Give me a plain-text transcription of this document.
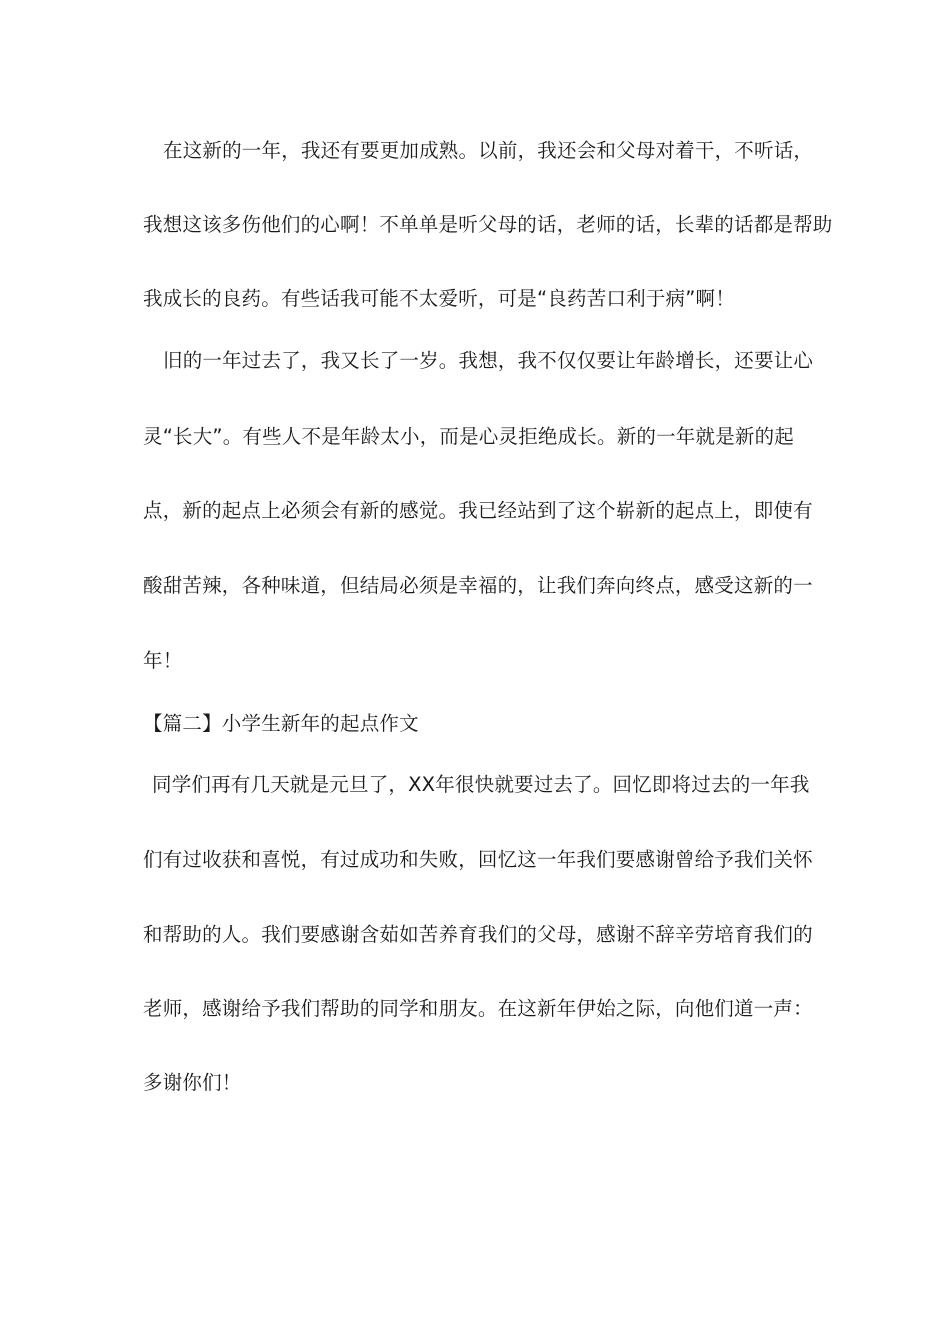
在这新的一年，我还有要更加成熟。以前，我还会和父母对着干，不听话，
我想这该多伤他们的心啊！不单单是听父母的话，老师的话，长辈的话都是帮助
我成长的良药。有些话我可能不太爱听，可是“良药苦口利于病”啊！
旧的一年过去了，我又长了一岁。我想，我不仅仅要让年龄增长，还要让心
灵“长大”。有些人不是年龄太小，而是心灵拒绝成长。新的一年就是新的起
点，新的起点上必须会有新的感觉。我已经站到了这个崭新的起点上，即使有
酸甜苦辣，各种味道，但结局必须是幸福的，让我们奔向终点，感受这新的一
年！
【篇二】小学生新年的起点作文
同学们再有几天就是元旦了，XX年很快就要过去了。回忆即将过去的一年我
们有过收获和喜悦，有过成功和失败，回忆这一年我们要感谢曾给予我们关怀
和帮助的人。我们要感谢含茹如苦养育我们的父母，感谢不辞辛劳培育我们的
老师，感谢给予我们帮助的同学和朋友。在这新年伊始之际，向他们道一声：
多谢你们！
